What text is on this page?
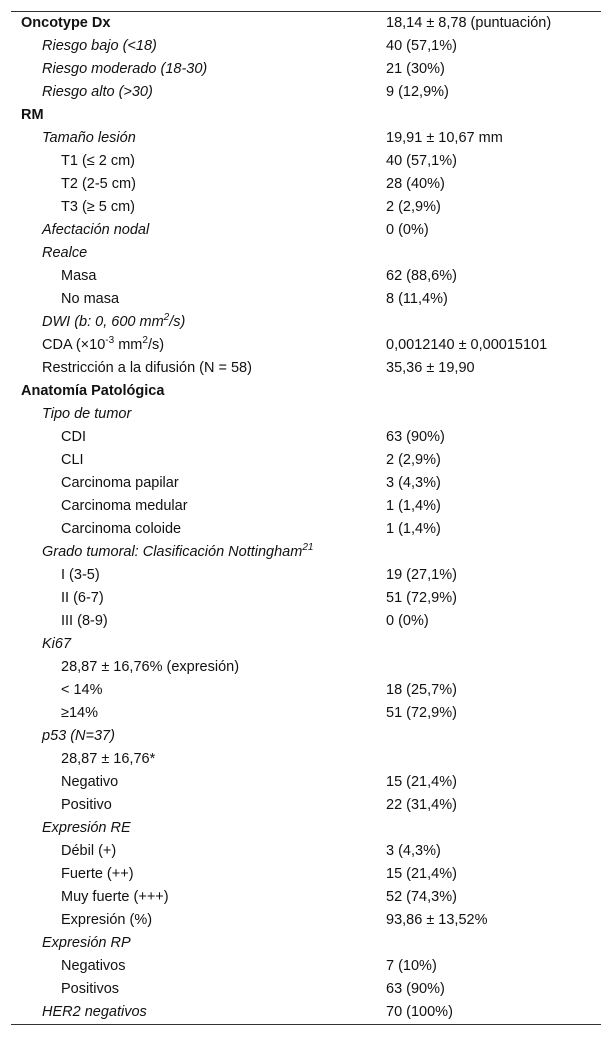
Oncotype Dx	18,14 ± 8,78 (puntuación)
Riesgo bajo (<18)	40 (57,1%)
Riesgo moderado (18-30)	21 (30%)
Riesgo alto (>30)	9 (12,9%)
RM
Tamaño lesión	19,91 ± 10,67 mm
T1 (≤ 2 cm)	40 (57,1%)
T2 (2-5 cm)	28 (40%)
T3 (≥ 5 cm)	2 (2,9%)
Afectación nodal	0 (0%)
Realce
Masa	62 (88,6%)
No masa	8 (11,4%)
DWI (b: 0, 600 $mm^2/s$)
CDA ($\times 10^{-3}$ $mm^2/s$)	0,0012140 ± 0,00015101
Restricción a la difusión (N = 58)	35,36 ± 19,90
Anatomía Patológica
Tipo de tumor
CDI	63 (90%)
CLI	2 (2,9%)
Carcinoma papilar	3 (4,3%)
Carcinoma medular	1 (1,4%)
Carcinoma coloide	1 (1,4%)
Grado tumoral: Clasificación Nottingham$^{21}$
I (3-5)	19 (27,1%)
II (6-7)	51 (72,9%)
III (8-9)	0 (0%)
Ki67
28,87 ± 16,76% (expresión)
< 14%	18 (25,7%)
≥14%	51 (72,9%)
p53 (N=37)
28,87 ± 16,76*
Negativo	15 (21,4%)
Positivo	22 (31,4%)
Expresión RE
Débil (+)	3 (4,3%)
Fuerte (++)	15 (21,4%)
Muy fuerte (+++)	52 (74,3%)
Expresión (%)	93,86 ± 13,52%
Expresión RP
Negativos	7 (10%)
Positivos	63 (90%)
HER2 negativos	70 (100%)
